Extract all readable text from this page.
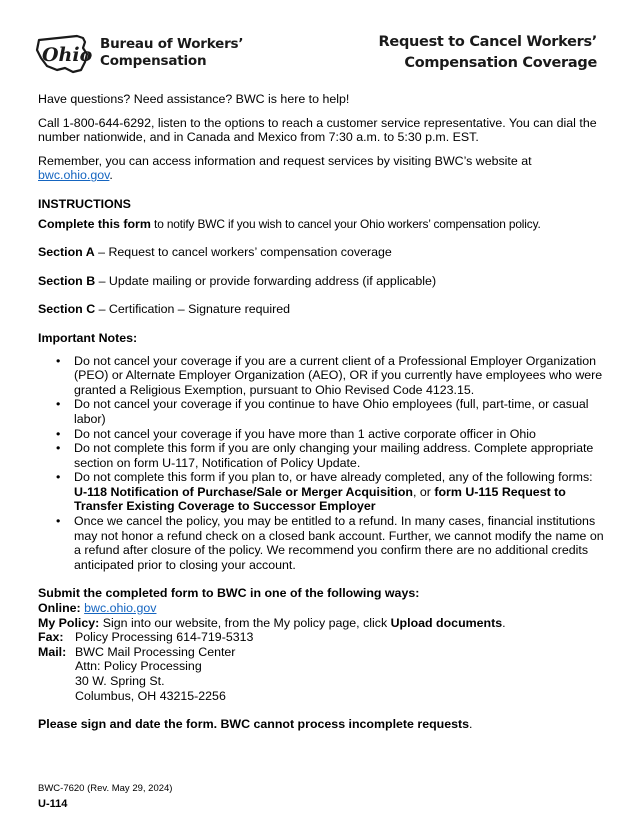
Ohio Bureau of Workers’
Compensation
Request to Cancel Workers’
Compensation Coverage

Have questions? Need assistance? BWC is here to help!

Call 1-800-644-6292, listen to the options to reach a customer service representative. You can dial the number nationwide, and in Canada and Mexico from 7:30 a.m. to 5:30 p.m. EST.

Remember, you can access information and request services by visiting BWC’s website at
bwc.ohio.gov.

INSTRUCTIONS

Complete this form to notify BWC if you wish to cancel your Ohio workers’ compensation policy.

Section A – Request to cancel workers’ compensation coverage

Section B – Update mailing or provide forwarding address (if applicable)

Section C – Certification – Signature required

Important Notes:

• Do not cancel your coverage if you are a current client of a Professional Employer Organization (PEO) or Alternate Employer Organization (AEO), OR if you currently have employees who were granted a Religious Exemption, pursuant to Ohio Revised Code 4123.15.
• Do not cancel your coverage if you continue to have Ohio employees (full, part-time, or casual labor)
• Do not cancel your coverage if you have more than 1 active corporate officer in Ohio
• Do not complete this form if you are only changing your mailing address. Complete appropriate section on form U-117, Notification of Policy Update.
• Do not complete this form if you plan to, or have already completed, any of the following forms: U-118 Notification of Purchase/Sale or Merger Acquisition, or form U-115 Request to Transfer Existing Coverage to Successor Employer
• Once we cancel the policy, you may be entitled to a refund. In many cases, financial institutions may not honor a refund check on a closed bank account. Further, we cannot modify the name on a refund after closure of the policy. We recommend you confirm there are no additional credits anticipated prior to closing your account.

Submit the completed form to BWC in one of the following ways:

Online: bwc.ohio.gov

My Policy: Sign into our website, from the My policy page, click Upload documents.

Fax: Policy Processing 614-719-5313
Mail: BWC Mail Processing Center
Attn: Policy Processing
30 W. Spring St.
Columbus, OH 43215-2256

Please sign and date the form. BWC cannot process incomplete requests.

BWC-7620 (Rev. May 29, 2024)
U-114
